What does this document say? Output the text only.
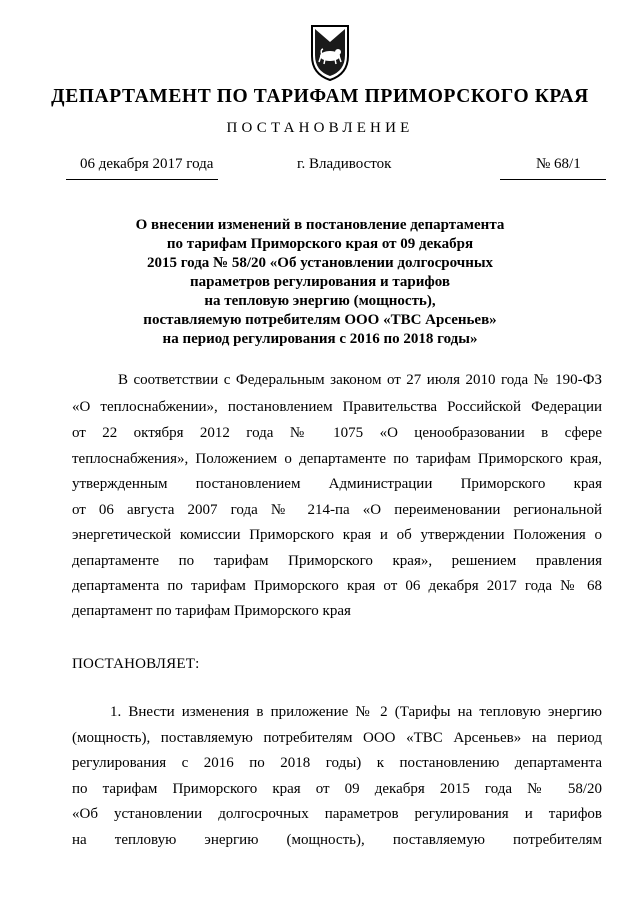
ДЕПАРТАМЕНТ ПО ТАРИФАМ ПРИМОРСКОГО КРАЯ
ПОСТАНОВЛЕНИЕ
06 декабря 2017 года	г. Владивосток	№ 68/1
О внесении изменений в постановление департамента
по тарифам Приморского края от 09 декабря
2015 года № 58/20 «Об установлении долгосрочных
параметров регулирования и тарифов
на тепловую энергию (мощность),
поставляемую потребителям ООО «ТВС Арсеньев»
на период регулирования с 2016 по 2018 годы»
В соответствии с Федеральным законом от 27 июля 2010 года № 190-ФЗ
«О теплоснабжении», постановлением Правительства Российской Федерации
от 22 октября 2012 года № 1075 «О ценообразовании в сфере
теплоснабжения», Положением о департаменте по тарифам Приморского края,
утвержденным постановлением Администрации Приморского края
от 06 августа 2007 года № 214-па «О переименовании региональной
энергетической комиссии Приморского края и об утверждении Положения о
департаменте по тарифам Приморского края», решением правления
департамента по тарифам Приморского края от 06 декабря 2017 года № 68
департамент по тарифам Приморского края
ПОСТАНОВЛЯЕТ:
1. Внести изменения в приложение № 2 (Тарифы на тепловую энергию
(мощность), поставляемую потребителям ООО «ТВС Арсеньев» на период
регулирования с 2016 по 2018 годы) к постановлению департамента
по тарифам Приморского края от 09 декабря 2015 года № 58/20
«Об установлении долгосрочных параметров регулирования и тарифов
на тепловую энергию (мощность), поставляемую потребителям
